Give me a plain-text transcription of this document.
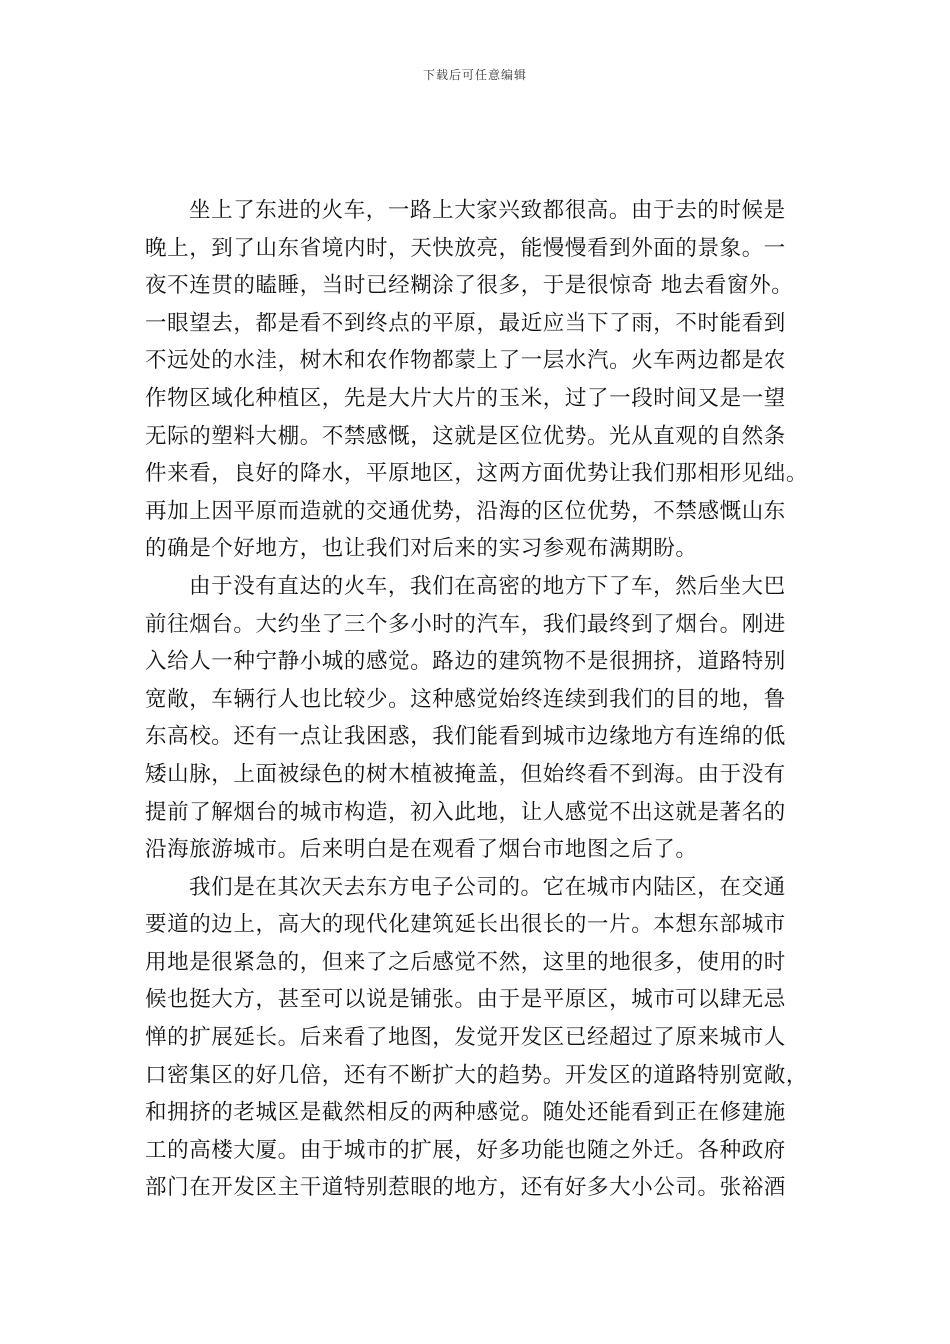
下载后可任意编辑
坐上了东进的火车，一路上大家兴致都很高。由于去的时候是
晚上，到了山东省境内时，天快放亮，能慢慢看到外面的景象。一
夜不连贯的瞌睡，当时已经糊涂了很多，于是很惊奇 地去看窗外。
一眼望去，都是看不到终点的平原，最近应当下了雨，不时能看到
不远处的水洼，树木和农作物都蒙上了一层水汽。火车两边都是农
作物区域化种植区，先是大片大片的玉米，过了一段时间又是一望
无际的塑料大棚。不禁感慨，这就是区位优势。光从直观的自然条
件来看，良好的降水，平原地区，这两方面优势让我们那相形见绌。
再加上因平原而造就的交通优势，沿海的区位优势，不禁感慨山东
的确是个好地方，也让我们对后来的实习参观布满期盼。
由于没有直达的火车，我们在高密的地方下了车，然后坐大巴
前往烟台。大约坐了三个多小时的汽车，我们最终到了烟台。刚进
入给人一种宁静小城的感觉。路边的建筑物不是很拥挤，道路特别
宽敞，车辆行人也比较少。这种感觉始终连续到我们的目的地，鲁
东高校。还有一点让我困惑，我们能看到城市边缘地方有连绵的低
矮山脉，上面被绿色的树木植被掩盖，但始终看不到海。由于没有
提前了解烟台的城市构造，初入此地，让人感觉不出这就是著名的
沿海旅游城市。后来明白是在观看了烟台市地图之后了。
我们是在其次天去东方电子公司的。它在城市内陆区，在交通
要道的边上，高大的现代化建筑延长出很长的一片。本想东部城市
用地是很紧急的，但来了之后感觉不然，这里的地很多，使用的时
候也挺大方，甚至可以说是铺张。由于是平原区，城市可以肆无忌
惮的扩展延长。后来看了地图，发觉开发区已经超过了原来城市人
口密集区的好几倍，还有不断扩大的趋势。开发区的道路特别宽敞，
和拥挤的老城区是截然相反的两种感觉。随处还能看到正在修建施
工的高楼大厦。由于城市的扩展，好多功能也随之外迁。各种政府
部门在开发区主干道特别惹眼的地方，还有好多大小公司。张裕酒
